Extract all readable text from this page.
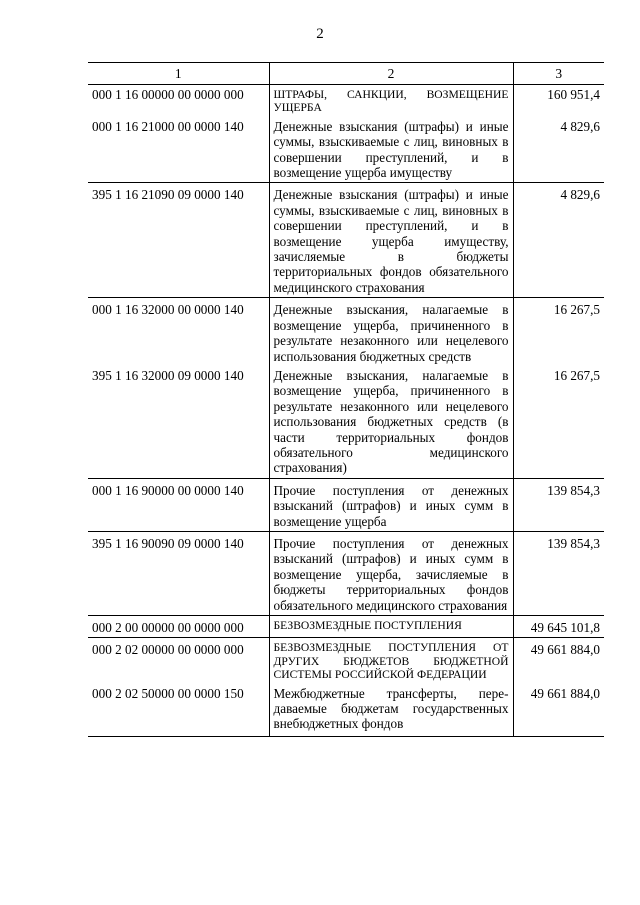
2
1	2	3
000 1 16 00000 00 0000 000	ШТРАФЫ, САНКЦИИ, ВОЗМЕЩЕНИЕ УЩЕРБА	160 951,4
000 1 16 21000 00 0000 140	Денежные взыскания (штрафы) и иные суммы, взыскиваемые с лиц, виновных в совершении преступлений, и в возмещение ущерба имуществу	4 829,6
395 1 16 21090 09 0000 140	Денежные взыскания (штрафы) и иные суммы, взыскиваемые с лиц, виновных в совершении преступлений, и в возмещение ущерба имуществу, зачисляемые в бюджеты территориальных фондов обязательного медицинского страхования	4 829,6
000 1 16 32000 00 0000 140	Денежные взыскания, налагаемые в возмещение ущерба, причиненного в результате незаконного или нецелевого использования бюджетных средств	16 267,5
395 1 16 32000 09 0000 140	Денежные взыскания, налагаемые в возмещение ущерба, причиненного в результате незаконного или нецелевого использования бюджетных средств (в части территориальных фондов обязательного медицинского страхования)	16 267,5
000 1 16 90000 00 0000 140	Прочие поступления от денежных взысканий (штрафов) и иных сумм в возмещение ущерба	139 854,3
395 1 16 90090 09 0000 140	Прочие поступления от денежных взысканий (штрафов) и иных сумм в возмещение ущерба, зачисляемые в бюджеты территориальных фондов обязательного медицинского страхования	139 854,3
000 2 00 00000 00 0000 000	БЕЗВОЗМЕЗДНЫЕ ПОСТУПЛЕНИЯ	49 645 101,8
000 2 02 00000 00 0000 000	БЕЗВОЗМЕЗДНЫЕ ПОСТУПЛЕНИЯ ОТ ДРУГИХ БЮДЖЕТОВ БЮДЖЕТНОЙ СИСТЕМЫ РОССИЙСКОЙ ФЕДЕРАЦИИ	49 661 884,0
000 2 02 50000 00 0000 150	Межбюджетные трансферты, передаваемые бюджетам государственных внебюджетных фондов	49 661 884,0
